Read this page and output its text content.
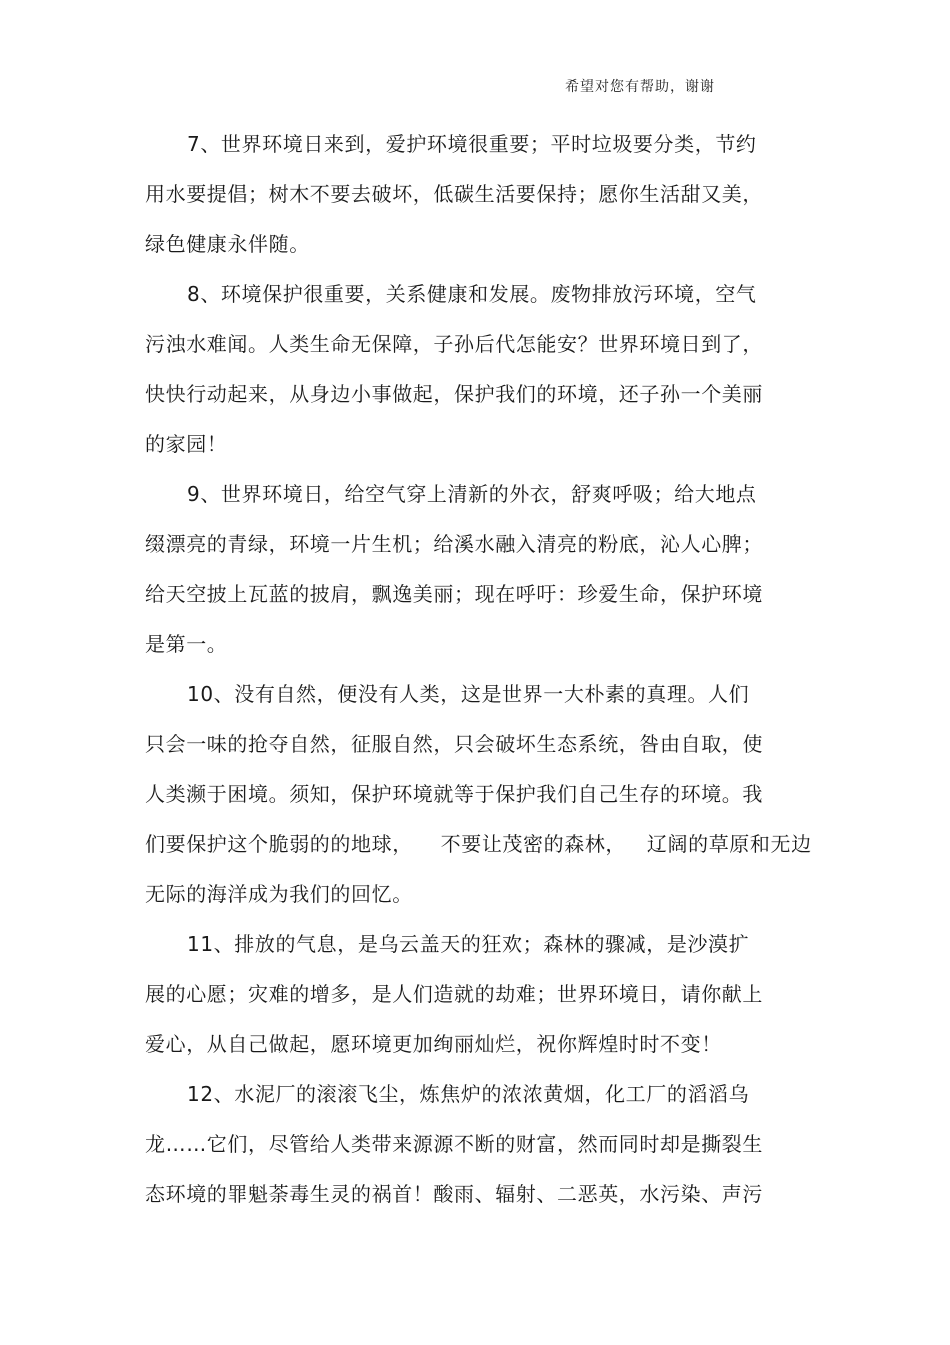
希望对您有帮助，谢谢
7、世界环境日来到，爱护环境很重要；平时垃圾要分类，节约
用水要提倡；树木不要去破坏，低碳生活要保持；愿你生活甜又美，
绿色健康永伴随。
8、环境保护很重要，关系健康和发展。废物排放污环境，空气
污浊水难闻。人类生命无保障，子孙后代怎能安？世界环境日到了，
快快行动起来，从身边小事做起，保护我们的环境，还子孙一个美丽
的家园！
9、世界环境日，给空气穿上清新的外衣，舒爽呼吸；给大地点
缀漂亮的青绿，环境一片生机；给溪水融入清亮的粉底，沁人心脾；
给天空披上瓦蓝的披肩，飘逸美丽；现在呼吁：珍爱生命，保护环境
是第一。
10、没有自然，便没有人类，这是世界一大朴素的真理。人们
只会一味的抢夺自然，征服自然，只会破坏生态系统，咎由自取，使
人类濒于困境。须知，保护环境就等于保护我们自己生存的环境。我
们要保护这个脆弱的的地球，    不要让茂密的森林，   辽阔的草原和无边
无际的海洋成为我们的回忆。
11、排放的气息，是乌云盖天的狂欢；森林的骤减，是沙漠扩
展的心愿；灾难的增多，是人们造就的劫难；世界环境日，请你献上
爱心，从自己做起，愿环境更加绚丽灿烂，祝你辉煌时时不变！
12、水泥厂的滚滚飞尘，炼焦炉的浓浓黄烟，化工厂的滔滔乌
龙……它们，尽管给人类带来源源不断的财富，然而同时却是撕裂生
态环境的罪魁荼毒生灵的祸首！酸雨、辐射、二恶英，水污染、声污
